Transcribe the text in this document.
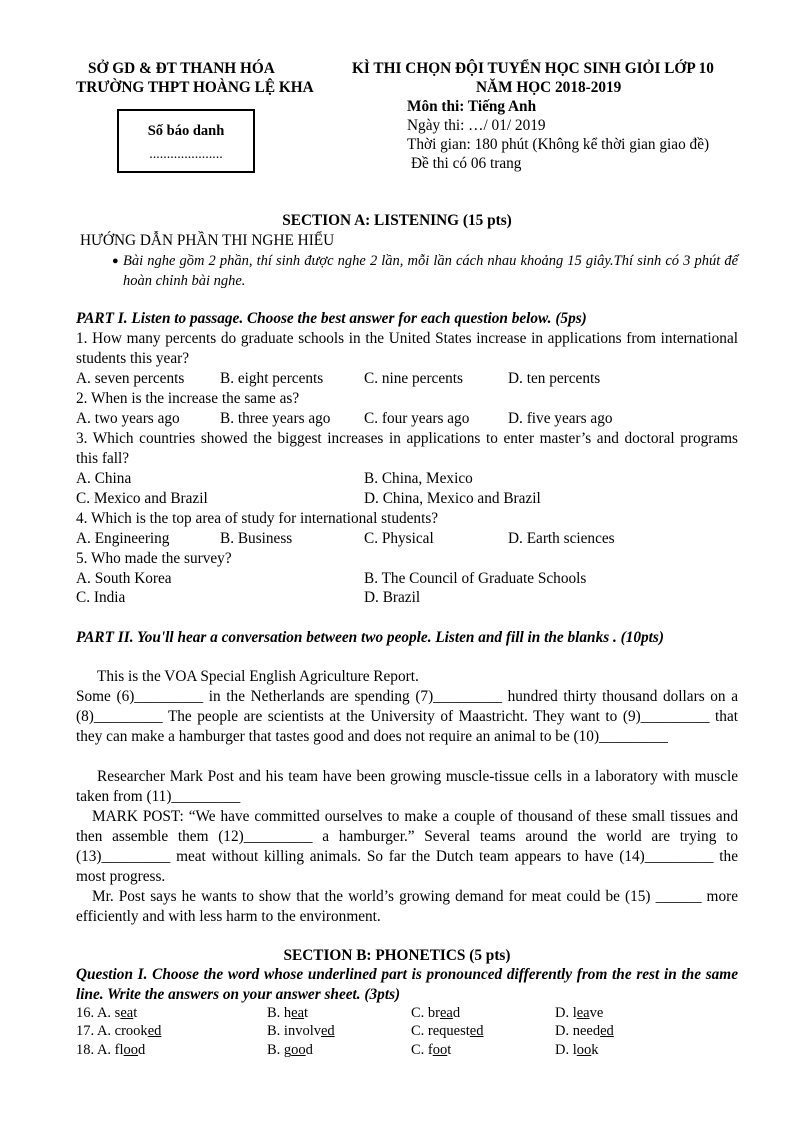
SỞ GD & ĐT THANH HÓA
TRƯỜNG THPT HOÀNG LỆ KHA
KÌ THI CHỌN ĐỘI TUYỂN HỌC SINH GIỎI LỚP 10
NĂM HỌC 2018-2019
Môn thi: Tiếng Anh
Ngày thi: …/ 01/ 2019
Thời gian: 180 phút (Không kể thời gian giao đề)
Đề thi có 06 trang
Số báo danh
.....................
SECTION A: LISTENING (15 pts)
HƯỚNG DẪN PHẦN THI NGHE HIỂU
● Bài nghe gồm 2 phần, thí sinh được nghe 2 lần, mỗi lần cách nhau khoảng 15 giây.Thí sinh có 3 phút để hoàn chỉnh bài nghe.
PART I. Listen to passage. Choose the best answer for each question below. (5ps)
1. How many percents do graduate schools in the United States increase in applications from international students this year?
A. seven percents B. eight percents	C. nine percents	D. ten percents
2. When is the increase the same as?
A. two years ago	B. three years ago C. four years ago	D. five years ago
3. Which countries showed the biggest increases in applications to enter master’s and doctoral programs this fall?
A. China	B. China, Mexico
C. Mexico and Brazil	D. China, Mexico and Brazil
4. Which is the top area of study for international students?
A. Engineering	B. Business	C. Physical	D. Earth sciences
5. Who made the survey?
A. South Korea	B. The Council of Graduate Schools
C. India	D. Brazil
PART II. You'll hear a conversation between two people. Listen and fill in the blanks . (10pts)
This is the VOA Special English Agriculture Report.
Some (6)_________ in the Netherlands are spending (7)_________ hundred thirty thousand dollars on a (8)_________ The people are scientists at the University of Maastricht. They want to (9)_________ that they can make a hamburger that tastes good and does not require an animal to be (10)_________
Researcher Mark Post and his team have been growing muscle-tissue cells in a laboratory with muscle taken from (11)_________
MARK POST: “We have committed ourselves to make a couple of thousand of these small tissues and then assemble them (12)_________ a hamburger.” Several teams around the world are trying to (13)_________ meat without killing animals. So far the Dutch team appears to have (14)_________ the most progress.
Mr. Post says he wants to show that the world’s growing demand for meat could be (15) ______ more efficiently and with less harm to the environment.
SECTION B: PHONETICS (5 pts)
Question I. Choose the word whose underlined part is pronounced differently from the rest in the same line. Write the answers on your answer sheet. (3pts)
16. A. seat	B. heat	C. bread	D. leave
17. A. crooked	B. involved	C. requested	D. needed
18. A. flood	B. good	C. foot	D. look
